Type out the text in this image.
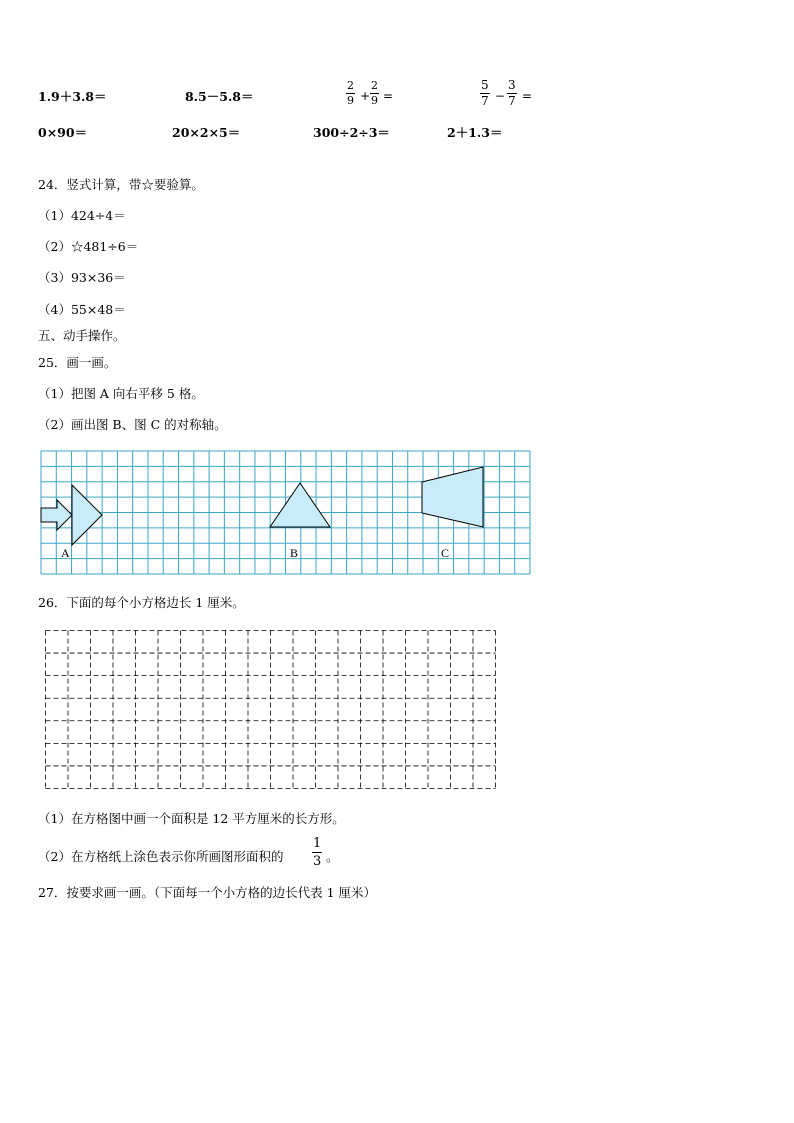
1.9＋3.8＝	8.5－5.8＝
2
9 +
2
9 =
5
7 −
3
7 =
0×90＝	20×2×5＝	300÷2÷3＝	2＋1.3＝
24．竖式计算，带☆要验算。
（1）424÷4＝
（2）☆481÷6＝
（3）93×36＝
（4）55×48＝
五、动手操作。
25．画一画。
（1）把图 A 向右平移 5 格。
（2）画出图 B、图 C 的对称轴。
A	B	C
26．下面的每个小方格边长 1 厘米。
（1）在方格图中画一个面积是 12 平方厘米的长方形。
（2）在方格纸上涂色表示你所画图形面积的
1
3 。
27．按要求画一画。（下面每一个小方格的边长代表 1 厘米）
